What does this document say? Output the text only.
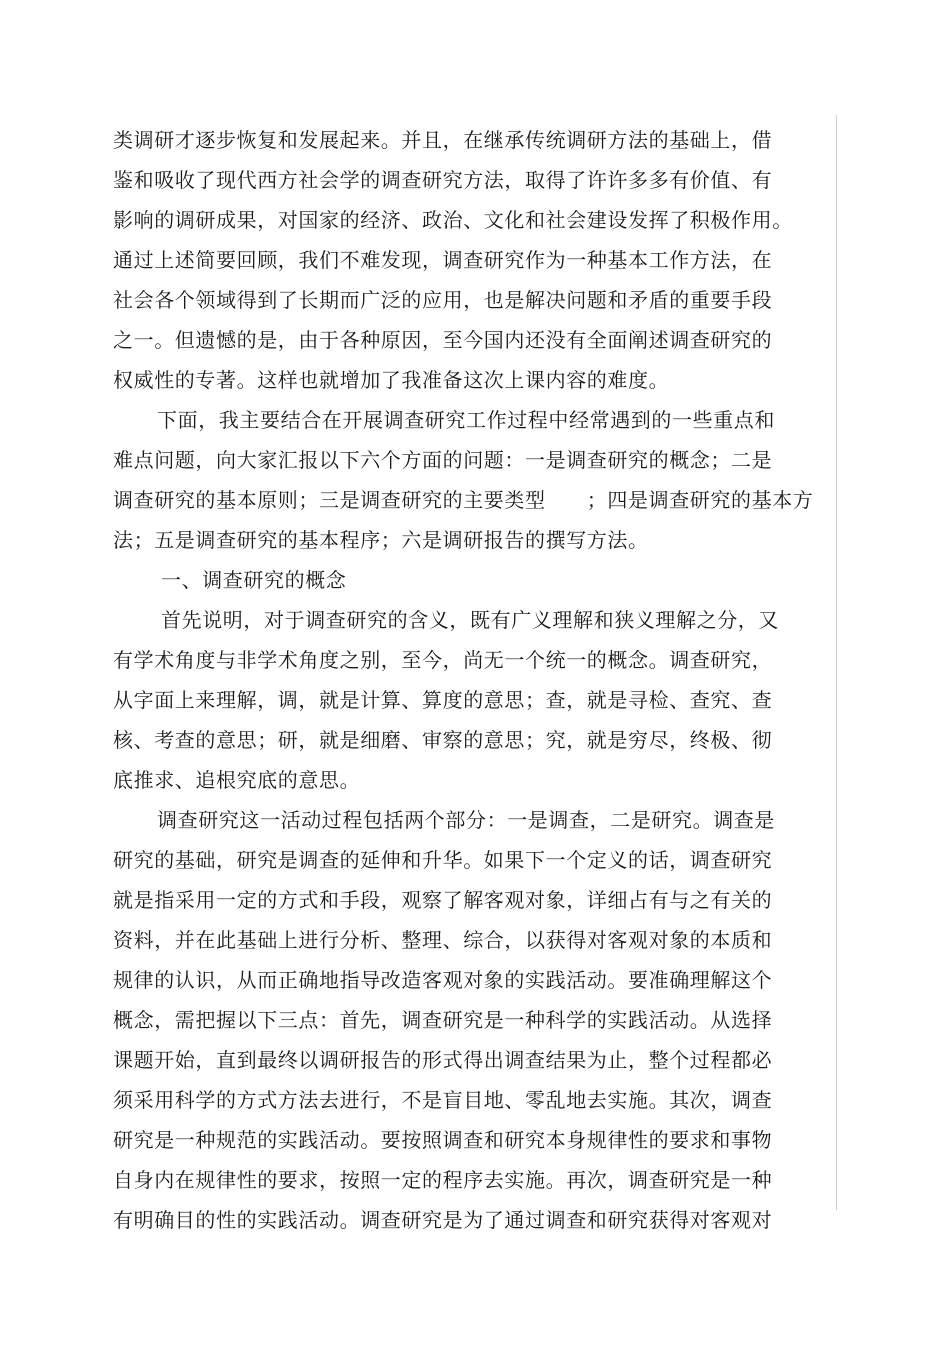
类调研才逐步恢复和发展起来。并且，在继承传统调研方法的基础上，借
鉴和吸收了现代西方社会学的调查研究方法，取得了许许多多有价值、有
影响的调研成果，对国家的经济、政治、文化和社会建设发挥了积极作用。
通过上述简要回顾，我们不难发现，调查研究作为一种基本工作方法，在
社会各个领域得到了长期而广泛的应用，也是解决问题和矛盾的重要手段
之一。但遗憾的是，由于各种原因，至今国内还没有全面阐述调查研究的
权威性的专著。这样也就增加了我准备这次上课内容的难度。
下面，我主要结合在开展调查研究工作过程中经常遇到的一些重点和
难点问题，向大家汇报以下六个方面的问题：一是调查研究的概念；二是
调查研究的基本原则；三是调查研究的主要类型　　；四是调查研究的基本方
法；五是调查研究的基本程序；六是调研报告的撰写方法。
一、调查研究的概念
首先说明，对于调查研究的含义，既有广义理解和狭义理解之分，又
有学术角度与非学术角度之别，至今，尚无一个统一的概念。调查研究，
从字面上来理解，调，就是计算、算度的意思；查，就是寻检、查究、查
核、考查的意思；研，就是细磨、审察的意思；究，就是穷尽，终极、彻
底推求、追根究底的意思。
调查研究这一活动过程包括两个部分：一是调查，二是研究。调查是
研究的基础，研究是调查的延伸和升华。如果下一个定义的话，调查研究
就是指采用一定的方式和手段，观察了解客观对象，详细占有与之有关的
资料，并在此基础上进行分析、整理、综合，以获得对客观对象的本质和
规律的认识，从而正确地指导改造客观对象的实践活动。要准确理解这个
概念，需把握以下三点：首先，调查研究是一种科学的实践活动。从选择
课题开始，直到最终以调研报告的形式得出调查结果为止，整个过程都必
须采用科学的方式方法去进行，不是盲目地、零乱地去实施。其次，调查
研究是一种规范的实践活动。要按照调查和研究本身规律性的要求和事物
自身内在规律性的要求，按照一定的程序去实施。再次，调查研究是一种
有明确目的性的实践活动。调查研究是为了通过调查和研究获得对客观对
